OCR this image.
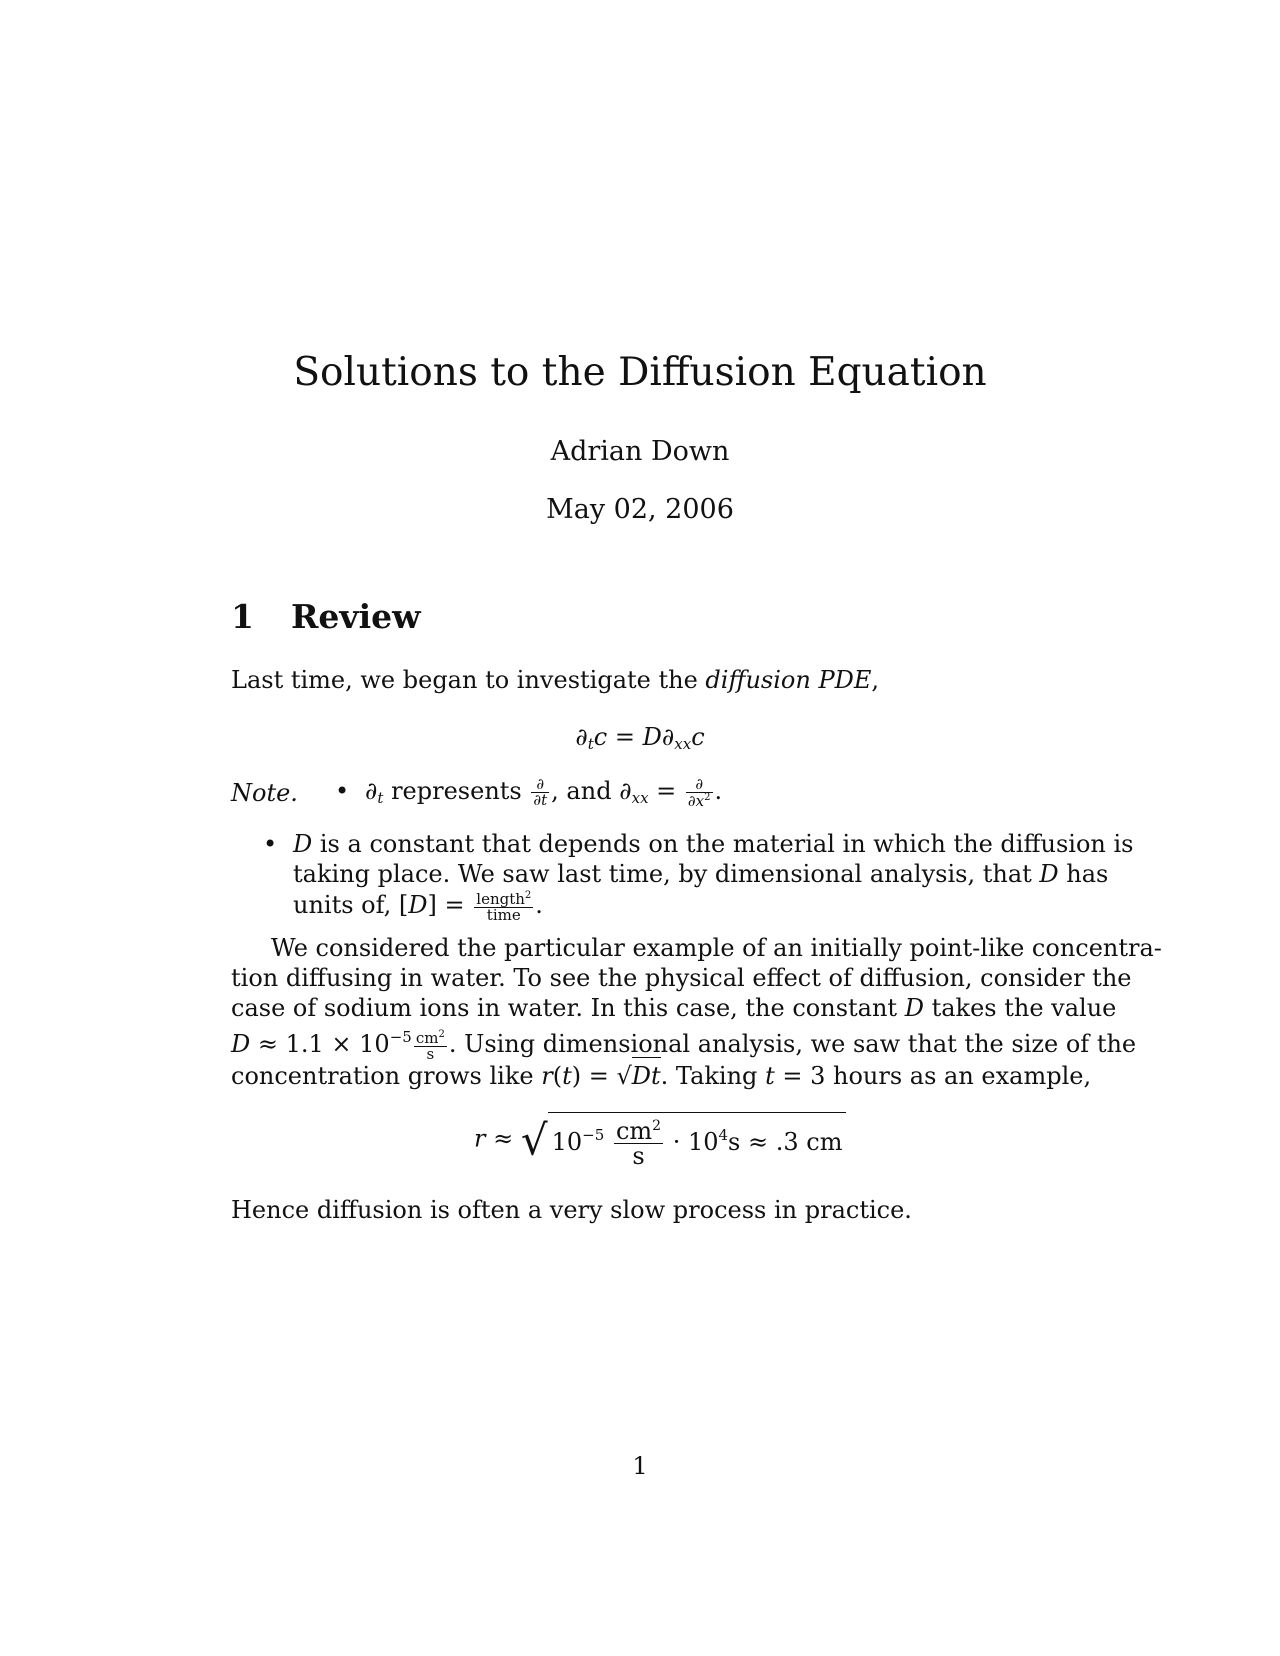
Solutions to the Diffusion Equation
Adrian Down
May 02, 2006
1 Review
Last time, we began to investigate the diffusion PDE,
$\partial_tc = D\partial_{xx}c$
Note. • $\partial_t$ represents $\frac{\partial}{\partial t}$ , and $\partial_{xx} = \frac{\partial}{\partial x^2}$ .
• D is a constant that depends on the material in which the diffusion is
taking place. We saw last time, by dimensional analysis, that D has
units of, $[D] = \frac{length^2}{\text{time}}$ .
We considered the particular example of an initially point-like concentra-
tion diffusing in water. To see the physical effect of diffusion, consider the
case of sodium ions in water. In this case, the constant D takes the value
$D \approx 1.1 \times 10^{-5} \frac{cm^2}{s}$ . Using dimensional analysis, we saw that the size of the
concentration grows like r(t) = √Dt. Taking t = 3 hours as an example,
r ≈ √ $10^{-5} \frac{cm^2}{s} \cdot 10^4s \approx .3$ cm
Hence diffusion is often a very slow process in practice.
1
